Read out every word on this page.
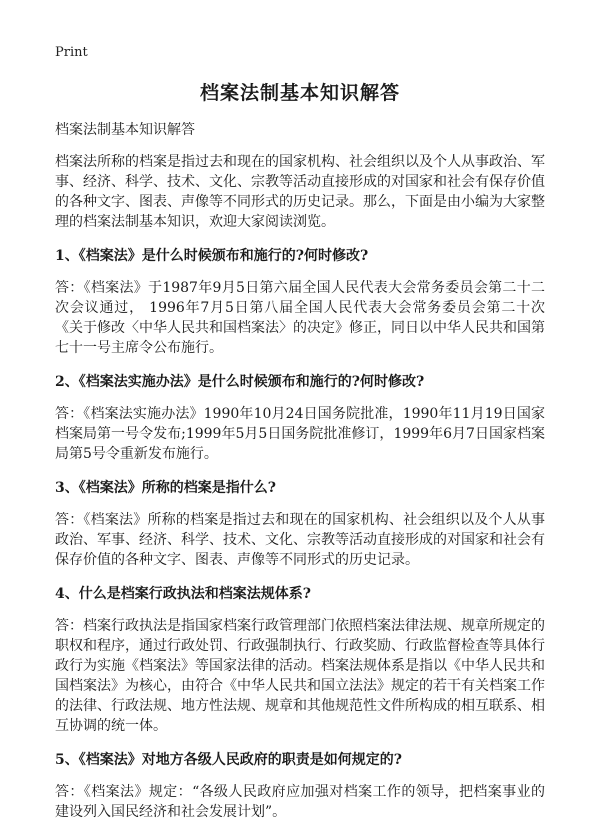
Print
档案法制基本知识解答
档案法制基本知识解答

档案法所称的档案是指过去和现在的国家机构、社会组织以及个人从事政治、军事、经济、科学、技术、文化、宗教等活动直接形成的对国家和社会有保存价值的各种文字、图表、声像等不同形式的历史记录。那么，下面是由小编为大家整理的档案法制基本知识，欢迎大家阅读浏览。

1、《档案法》是什么时候颁布和施行的?何时修改?

答：《档案法》于1987年9月5日第六届全国人民代表大会常务委员会第二十二次会议通过， 1996年7月5日第八届全国人民代表大会常务委员会第二十次《关于修改〈中华人民共和国档案法〉的决定》修正，同日以中华人民共和国第七十一号主席令公布施行。

2、《档案法实施办法》是什么时候颁布和施行的?何时修改?

答：《档案法实施办法》1990年10月24日国务院批准，1990年11月19日国家档案局第一号令发布;1999年5月5日国务院批准修订，1999年6月7日国家档案局第5号令重新发布施行。

3、《档案法》所称的档案是指什么?

答：《档案法》所称的档案是指过去和现在的国家机构、社会组织以及个人从事政治、军事、经济、科学、技术、文化、宗教等活动直接形成的对国家和社会有保存价值的各种文字、图表、声像等不同形式的历史记录。

4、什么是档案行政执法和档案法规体系?

答：档案行政执法是指国家档案行政管理部门依照档案法律法规、规章所规定的职权和程序，通过行政处罚、行政强制执行、行政奖励、行政监督检查等具体行政行为实施《档案法》等国家法律的活动。档案法规体系是指以《中华人民共和国档案法》为核心，由符合《中华人民共和国立法法》规定的若干有关档案工作的法律、行政法规、地方性法规、规章和其他规范性文件所构成的相互联系、相互协调的统一体。

5、《档案法》对地方各级人民政府的职责是如何规定的?

答：《档案法》规定：“各级人民政府应加强对档案工作的领导，把档案事业的建设列入国民经济和社会发展计划”。
